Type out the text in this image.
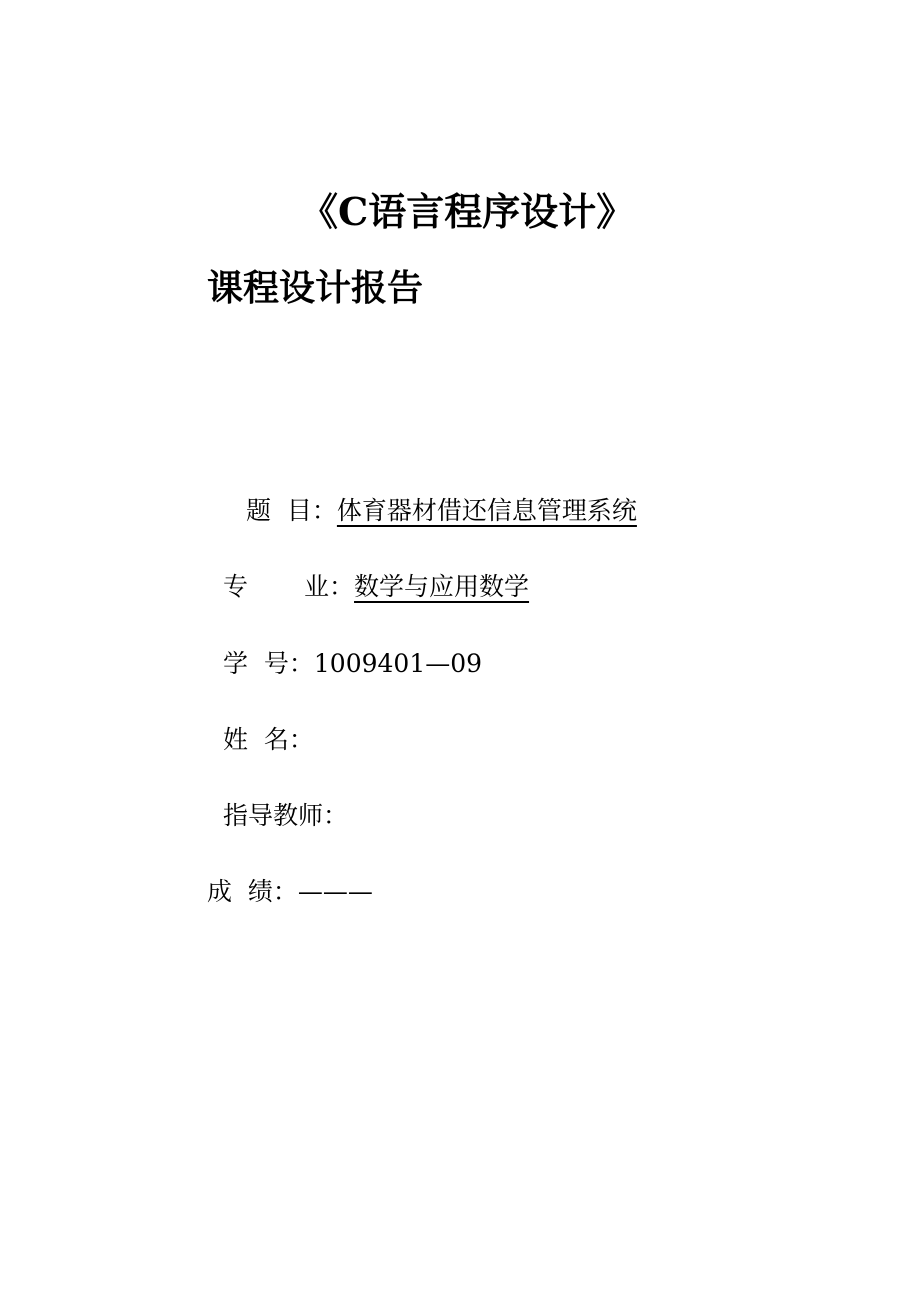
《C语言程序设计》
课程设计报告
题  目：体育器材借还信息管理系统
专 业：数学与应用数学
学  号：1009401—09
姓  名：
指导教师：
成  绩：———
